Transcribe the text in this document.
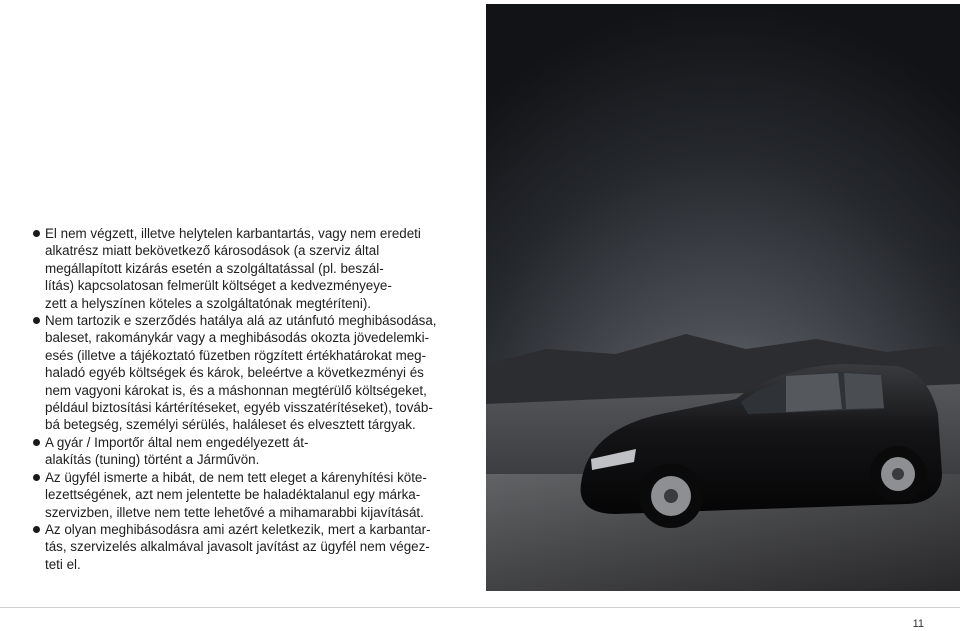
El nem végzett, illetve helytelen karbantartás, vagy nem eredeti
alkatrész miatt bekövetkező károsodások (a szerviz által
megállapított kizárás esetén a szolgáltatással (pl. beszál-
lítás) kapcsolatosan felmerült költséget a kedvezményeye-
zett a helyszínen köteles a szolgáltatónak megtéríteni).

Nem tartozik e szerződés hatálya alá az utánfutó meghibásodása,
baleset, rakománykár vagy a meghibásodás okozta jövedelemki-
esés (illetve a tájékoztató füzetben rögzített értékhatárokat meg-
haladó egyéb költségek és károk, beleértve a következményi és
nem vagyoni károkat is, és a máshonnan megtérülő költségeket,
például biztosítási kártérítéseket, egyéb visszatérítéseket), továb-
bá betegség, személyi sérülés, haláleset és elvesztett tárgyak.

A gyár / Importőr által nem engedélyezett át-
alakítás (tuning) történt a Járművön.

Az ügyfél ismerte a hibát, de nem tett eleget a kárenyhítési köte-
lezettségének, azt nem jelentette be haladéktalanul egy márka-
szervizben, illetve nem tette lehetővé a mihamarabbi kijavítását.

Az olyan meghibásodásra ami azért keletkezik, mert a karbantar-
tás, szervizelés alkalmával javasolt javítást az ügyfél nem végez-
teti el.

11
